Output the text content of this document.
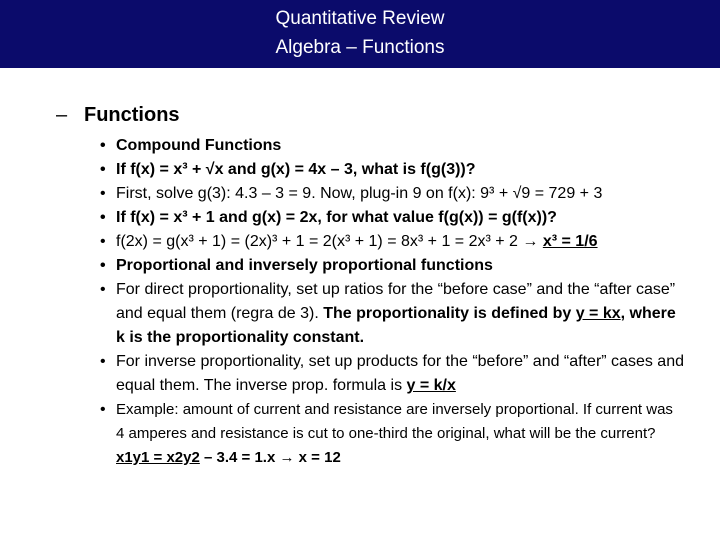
Quantitative Review
Algebra – Functions
– Functions
• Compound Functions
• If f(x) = x³ + √x and g(x) = 4x – 3, what is f(g(3))?
• First, solve g(3): 4.3 – 3 = 9. Now, plug-in 9 on f(x): 9³ + √9 = 729 + 3
• If f(x) = x³ + 1 and g(x) = 2x, for what value f(g(x)) = g(f(x))?
• f(2x) = g(x³ + 1) = (2x)³ + 1 = 2(x³ + 1) = 8x³ + 1 = 2x³ + 2 → x³ = 1/6
• Proportional and inversely proportional functions
• For direct proportionality, set up ratios for the “before case” and the “after case” and equal them (regra de 3). The proportionality is defined by y = kx, where k is the proportionality constant.
• For inverse proportionality, set up products for the “before” and “after” cases and equal them. The inverse prop. formula is y = k/x
• Example: amount of current and resistance are inversely proportional. If current was 4 amperes and resistance is cut to one-third the original, what will be the current? x1y1 = x2y2 – 3.4 = 1.x → x = 12
